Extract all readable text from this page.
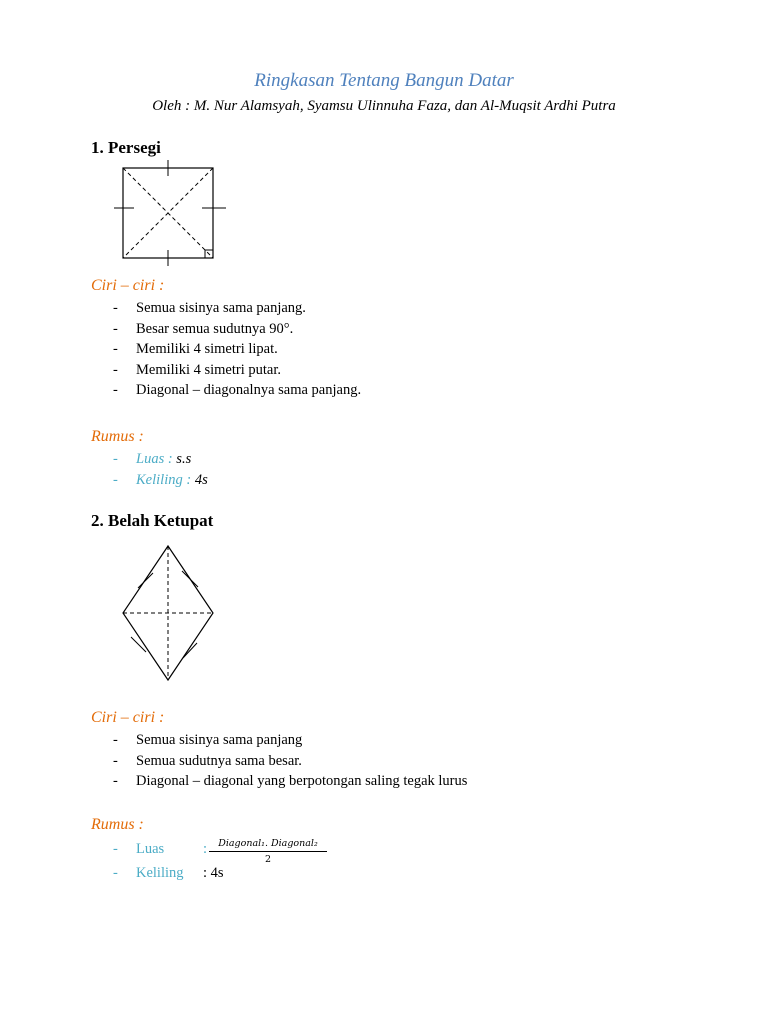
Ringkasan Tentang Bangun Datar
Oleh : M. Nur Alamsyah, Syamsu Ulinnuha Faza, dan Al-Muqsit Ardhi Putra
1. Persegi
Ciri – ciri :
- Semua sisinya sama panjang.
- Besar semua sudutnya 90°.
- Memiliki 4 simetri lipat.
- Memiliki 4 simetri putar.
- Diagonal – diagonalnya sama panjang.
Rumus :
- Luas : s.s
- Keliling : 4s
2. Belah Ketupat
Ciri – ciri :
- Semua sisinya sama panjang
- Semua sudutnya sama besar.
- Diagonal – diagonal yang berpotongan saling tegak lurus
Rumus :
- Luas	:	Diagonal₁. Diagonal₂
2
- Keliling : 4s
